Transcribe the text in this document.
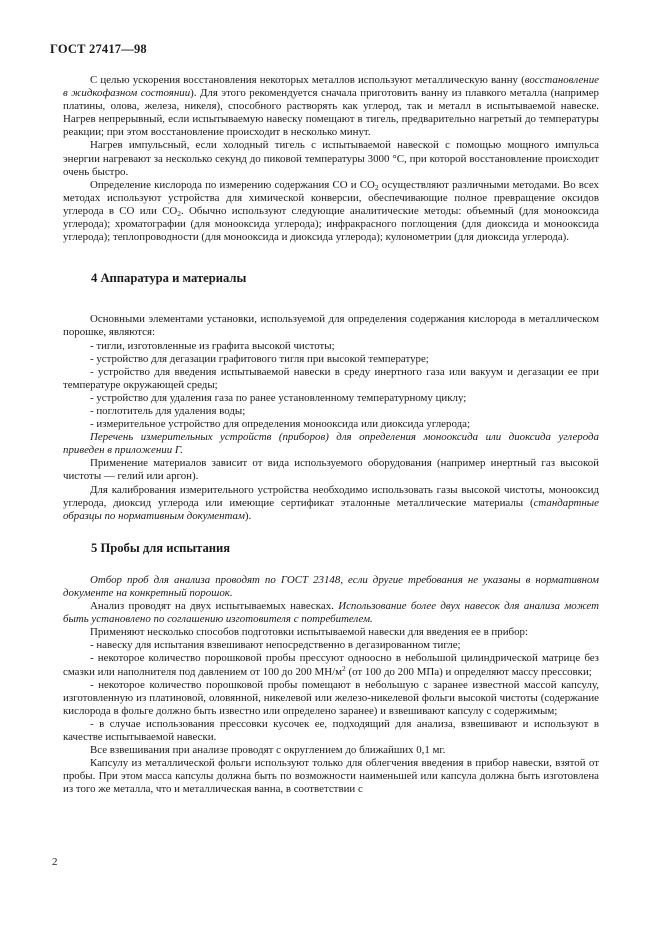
ГОСТ 27417—98

С целью ускорения восстановления некоторых металлов используют металлическую ванну (восстановление в жидкофазном состоянии). Для этого рекомендуется сначала приготовить ванну из плавкого металла (например платины, олова, железа, никеля), способного растворять как углерод, так и металл в испытываемой навеске. Нагрев непрерывный, если испытываемую навеску помещают в тигель, предварительно нагретый до температуры реакции; при этом восстановление происходит в несколько минут.

Нагрев импульсный, если холодный тигель с испытываемой навеской с помощью мощного импульса энергии нагревают за несколько секунд до пиковой температуры 3000 °С, при которой восстановление происходит очень быстро.

Определение кислорода по измерению содержания СО и $СО_2$ осуществляют различными методами. Во всех методах используют устройства для химической конверсии, обеспечивающие полное превращение оксидов углерода в СО или $СО_2$. Обычно используют следующие аналитические методы: объемный (для монооксида углерода); хроматографии (для монооксида углерода); инфракрасного поглощения (для диоксида и монооксида углерода); теплопроводности (для монооксида и диоксида углерода); кулонометрии (для диоксида углерода).

4 Аппаратура и материалы

Основными элементами установки, используемой для определения содержания кислорода в металлическом порошке, являются:

- тигли, изготовленные из графита высокой чистоты;

- устройство для дегазации графитового тигля при высокой температуре;

- устройство для введения испытываемой навески в среду инертного газа или вакуум и дегазации ее при температуре окружающей среды;

- устройство для удаления газа по ранее установленному температурному циклу;

- поглотитель для удаления воды;

- измерительное устройство для определения монооксида или диоксида углерода;

Перечень измерительных устройств (приборов) для определения монооксида или диоксида углерода приведен в приложении Г.

Применение материалов зависит от вида используемого оборудования (например инертный газ высокой чистоты — гелий или аргон).

Для калибрования измерительного устройства необходимо использовать газы высокой чистоты, монооксид углерода, диоксид углерода или имеющие сертификат эталонные металлические материалы (стандартные образцы по нормативным документам).

5 Пробы для испытания

Отбор проб для анализа проводят по ГОСТ 23148, если другие требования не указаны в нормативном документе на конкретный порошок.

Анализ проводят на двух испытываемых навесках. Использование более двух навесок для анализа может быть установлено по соглашению изготовителя с потребителем.

Применяют несколько способов подготовки испытываемой навески для введения ее в прибор:

- навеску для испытания взвешивают непосредственно в дегазированном тигле;

- некоторое количество порошковой пробы прессуют одноосно в небольшой цилиндрической матрице без смазки или наполнителя под давлением от 100 до 200 $МН/м^2$ (от 100 до 200 МПа) и определяют массу прессовки;

- некоторое количество порошковой пробы помещают в небольшую с заранее известной массой капсулу, изготовленную из платиновой, оловянной, никелевой или железо-никелевой фольги высокой чистоты (содержание кислорода в фольге должно быть известно или определено заранее) и взвешивают капсулу с содержимым;

- в случае использования прессовки кусочек ее, подходящий для анализа, взвешивают и используют в качестве испытываемой навески.

Все взвешивания при анализе проводят с округлением до ближайших 0,1 мг.

Капсулу из металлической фольги используют только для облегчения введения в прибор навески, взятой от пробы. При этом масса капсулы должна быть по возможности наименьшей или капсула должна быть изготовлена из того же металла, что и металлическая ванна, в соответствии с

2
